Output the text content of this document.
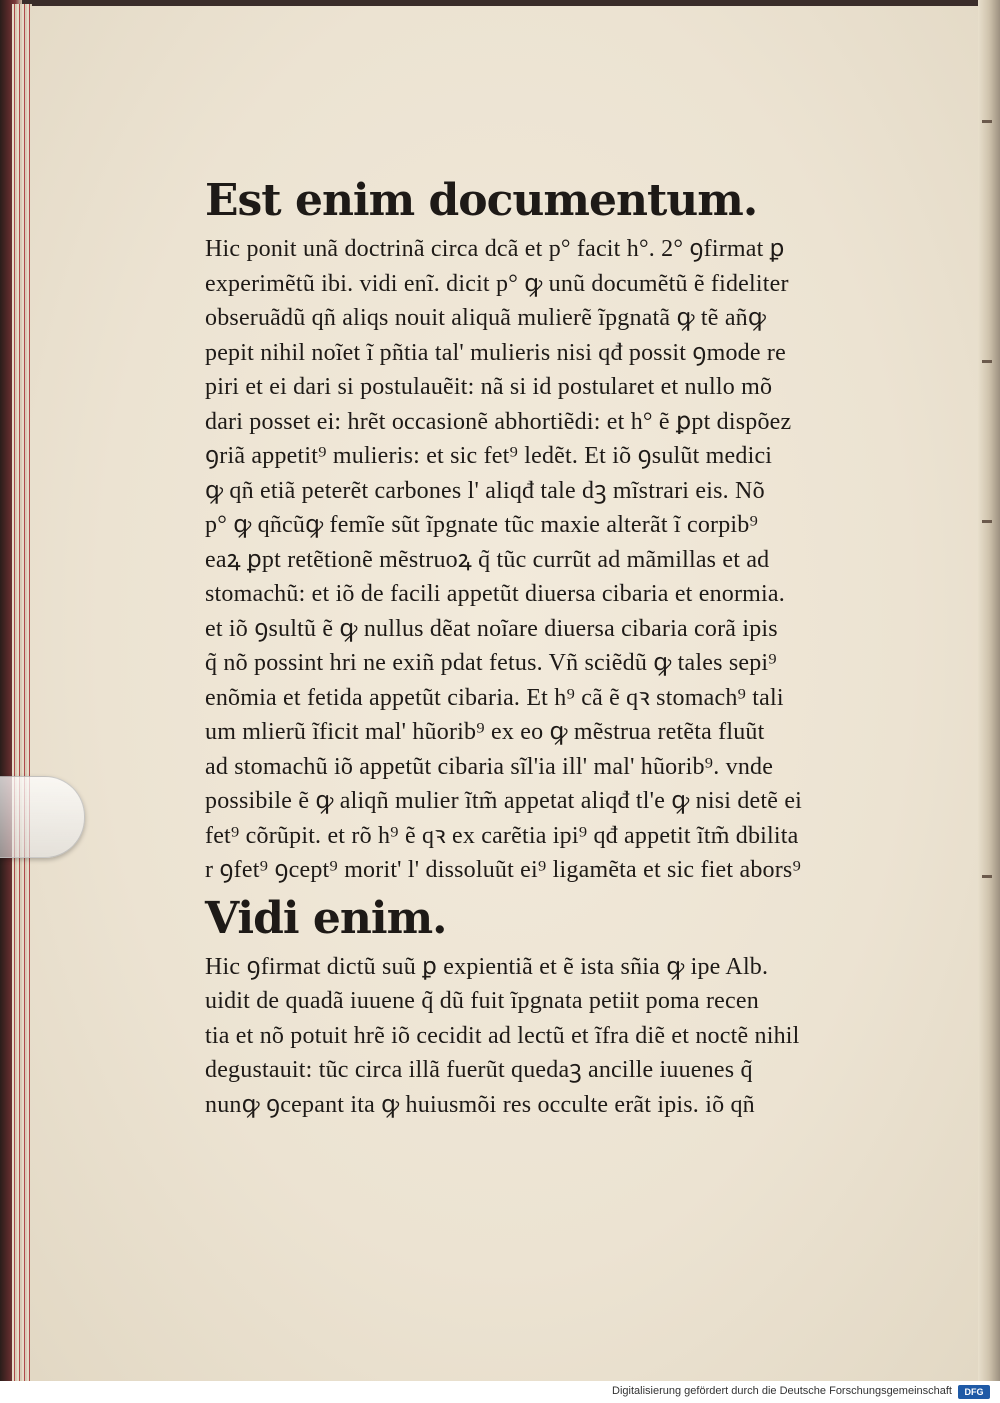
Est enim documentum.

Hic ponit unã doctrinã circa dcã et p° facit h°. 2° ꝯfirmat ꝑ

experimẽtũ ibi. vidi enĩ. dicit p° ꝙ unũ documẽtũ ẽ fideliter

obseruãdũ qñ aliqs nouit aliquã mulierẽ ĩpgnatã ꝙ tẽ añꝙ

pepit nihil noĩet ĩ pñtia tal' mulieris nisi qđ possit ꝯmode re

piri et ei dari si postulauẽit: nã si id postularet et nullo mõ

dari posset ei: hrẽt occasionẽ abhortiẽdi: et h° ẽ ꝑpt dispõez

ꝯriã appetit⁹ mulieris: et sic fet⁹ ledẽt. Et iõ ꝯsulũt medici

ꝙ qñ etiã peterẽt carbones l' aliqđ tale dꝫ mĩstrari eis. Nõ

p° ꝙ qñcũꝙ femĩe sũt ĩpgnate tũc maxie alterãt ĩ corpib⁹

eaꝝ ꝑpt retẽtionẽ mẽstruoꝝ q̃ tũc currũt ad mãmillas et ad

stomachũ: et iõ de facili appetũt diuersa cibaria et enormia.

et iõ ꝯsultũ ẽ ꝙ nullus dẽat noĩare diuersa cibaria corã ipis

q̃ nõ possint hri ne exiñ pdat fetus. Vñ sciẽdũ ꝙ tales sepi⁹

enõmia et fetida appetũt cibaria. Et h⁹ cã ẽ qꝛ stomach⁹ tali

um mlierũ ĩficit mal' hũorib⁹ ex eo ꝙ mẽstrua retẽta fluũt

ad stomachũ iõ appetũt cibaria sĩl'ia ill' mal' hũorib⁹. vnde

possibile ẽ ꝙ aliqñ mulier ĩtm̃ appetat aliqđ tl'e ꝙ nisi detẽ ei

fet⁹ cõrũpit. et rõ h⁹ ẽ qꝛ ex carẽtia ipi⁹ qđ appetit ĩtm̃ dbilita

r ꝯfet⁹ ꝯcept⁹ morit' l' dissoluũt ei⁹ ligamẽta et sic fiet abors⁹

Vidi enim.

Hic ꝯfirmat dictũ suũ ꝑ expientiã et ẽ ista sñia ꝙ ipe Alb.

uidit de quadã iuuene q̃ dũ fuit ĩpgnata petiit poma recen

tia et nõ potuit hrẽ iõ cecidit ad lectũ et ĩfra diẽ et noctẽ nihil

degustauit: tũc circa illã fuerũt quedaꝫ ancille iuuenes q̃

nunꝙ ꝯcepant ita ꝙ huiusmõi res occulte erãt ipis. iõ qñ

Digitalisierung gefördert durch die Deutsche Forschungsgemeinschaft	DFG
